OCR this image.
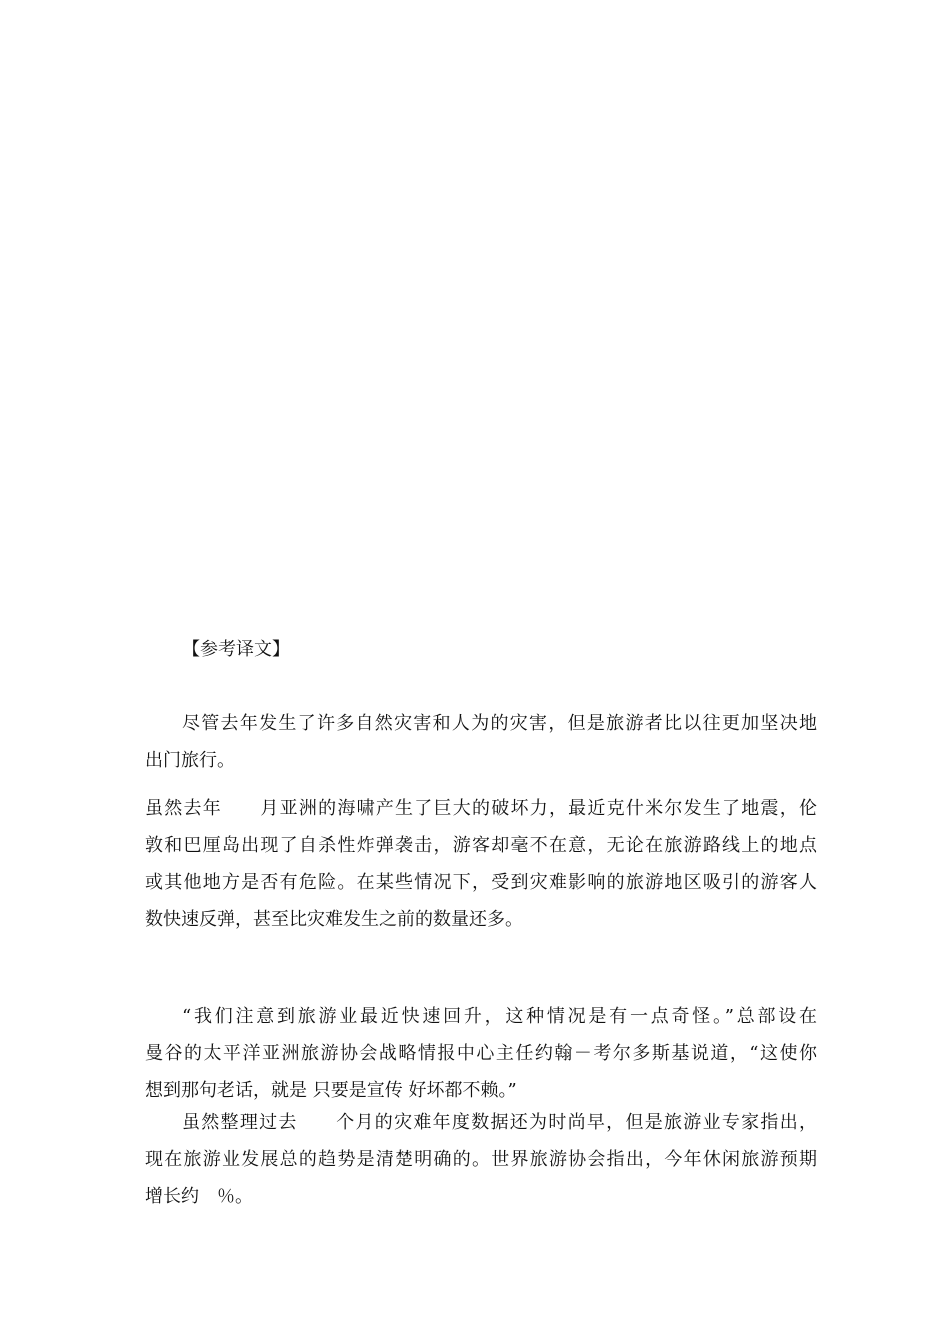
【参考译文】
尽管去年发生了许多自然灾害和人为的灾害，但是旅游者比以往更加坚决地
出门旅行。
虽然去年　　月亚洲的海啸产生了巨大的破坏力，最近克什米尔发生了地震，伦
敦和巴厘岛出现了自杀性炸弹袭击，游客却毫不在意，无论在旅游路线上的地点
或其他地方是否有危险。在某些情况下，受到灾难影响的旅游地区吸引的游客人
数快速反弹，甚至比灾难发生之前的数量还多。
“我们注意到旅游业最近快速回升，这种情况是有一点奇怪。”总部设在
曼谷的太平洋亚洲旅游协会战略情报中心主任约翰－考尔多斯基说道，“这使你
想到那句老话，就是 只要是宣传 好坏都不赖。”
虽然整理过去　　个月的灾难年度数据还为时尚早，但是旅游业专家指出，
现在旅游业发展总的趋势是清楚明确的。世界旅游协会指出，今年休闲旅游预期
增长约　％。
